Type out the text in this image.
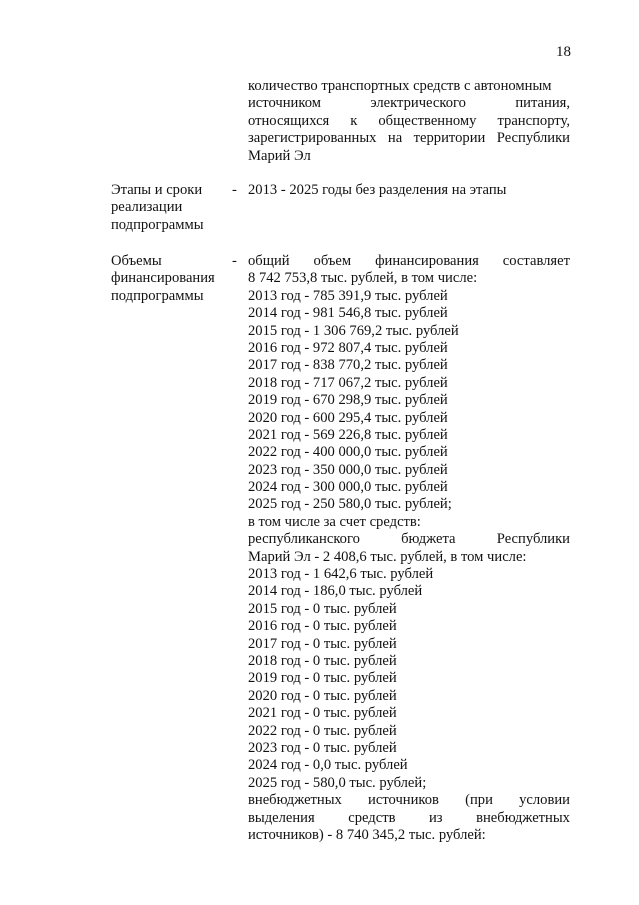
18
количество транспортных средств с автономным
источником	электрического	питания,
относящихся к общественному транспорту,
зарегистрированных на территории Республики
Марий Эл
Этапы и сроки
реализации
подпрограммы
- 2013 - 2025 годы без разделения на этапы
Объемы
финансирования
подпрограммы
- общий объем финансирования составляет
8 742 753,8 тыс. рублей, в том числе:
2013 год - 785 391,9 тыс. рублей
2014 год - 981 546,8 тыс. рублей
2015 год - 1 306 769,2 тыс. рублей
2016 год - 972 807,4 тыс. рублей
2017 год - 838 770,2 тыс. рублей
2018 год - 717 067,2 тыс. рублей
2019 год - 670 298,9 тыс. рублей
2020 год - 600 295,4 тыс. рублей
2021 год - 569 226,8 тыс. рублей
2022 год - 400 000,0 тыс. рублей
2023 год - 350 000,0 тыс. рублей
2024 год - 300 000,0 тыс. рублей
2025 год - 250 580,0 тыс. рублей;
в том числе за счет средств:
республиканского	бюджета	Республики
Марий Эл - 2 408,6 тыс. рублей, в том числе:
2013 год - 1 642,6 тыс. рублей
2014 год - 186,0 тыс. рублей
2015 год - 0 тыс. рублей
2016 год - 0 тыс. рублей
2017 год - 0 тыс. рублей
2018 год - 0 тыс. рублей
2019 год - 0 тыс. рублей
2020 год - 0 тыс. рублей
2021 год - 0 тыс. рублей
2022 год - 0 тыс. рублей
2023 год - 0 тыс. рублей
2024 год - 0,0 тыс. рублей
2025 год - 580,0 тыс. рублей;
внебюджетных источников (при условии
выделения средств из внебюджетных
источников) - 8 740 345,2 тыс. рублей:
